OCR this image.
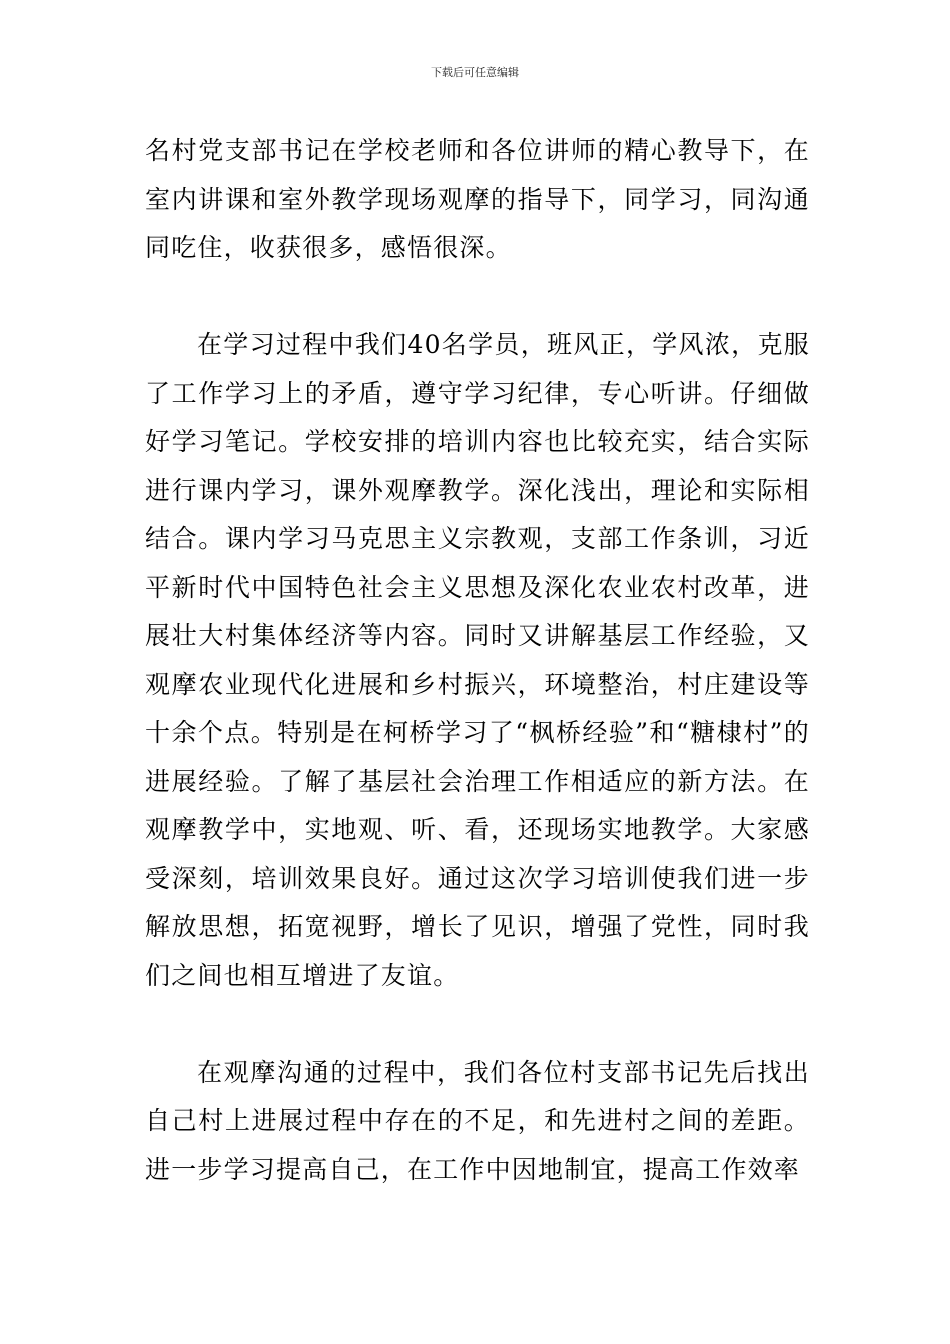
下载后可任意编辑

名村党支部书记在学校老师和各位讲师的精心教导下，在室内讲课和室外教学现场观摩的指导下，同学习，同沟通同吃住，收获很多，感悟很深。

在学习过程中我们40名学员，班风正，学风浓，克服了工作学习上的矛盾，遵守学习纪律，专心听讲。仔细做好学习笔记。学校安排的培训内容也比较充实，结合实际进行课内学习，课外观摩教学。深化浅出，理论和实际相结合。课内学习马克思主义宗教观，支部工作条训，习近平新时代中国特色社会主义思想及深化农业农村改革，进展壮大村集体经济等内容。同时又讲解基层工作经验，又观摩农业现代化进展和乡村振兴，环境整治，村庄建设等十余个点。特别是在柯桥学习了“枫桥经验”和“糖棣村”的进展经验。了解了基层社会治理工作相适应的新方法。在观摩教学中，实地观、听、看，还现场实地教学。大家感受深刻，培训效果良好。通过这次学习培训使我们进一步解放思想，拓宽视野，增长了见识，增强了党性，同时我们之间也相互增进了友谊。

在观摩沟通的过程中，我们各位村支部书记先后找出自己村上进展过程中存在的不足，和先进村之间的差距。进一步学习提高自己，在工作中因地制宜，提高工作效率
